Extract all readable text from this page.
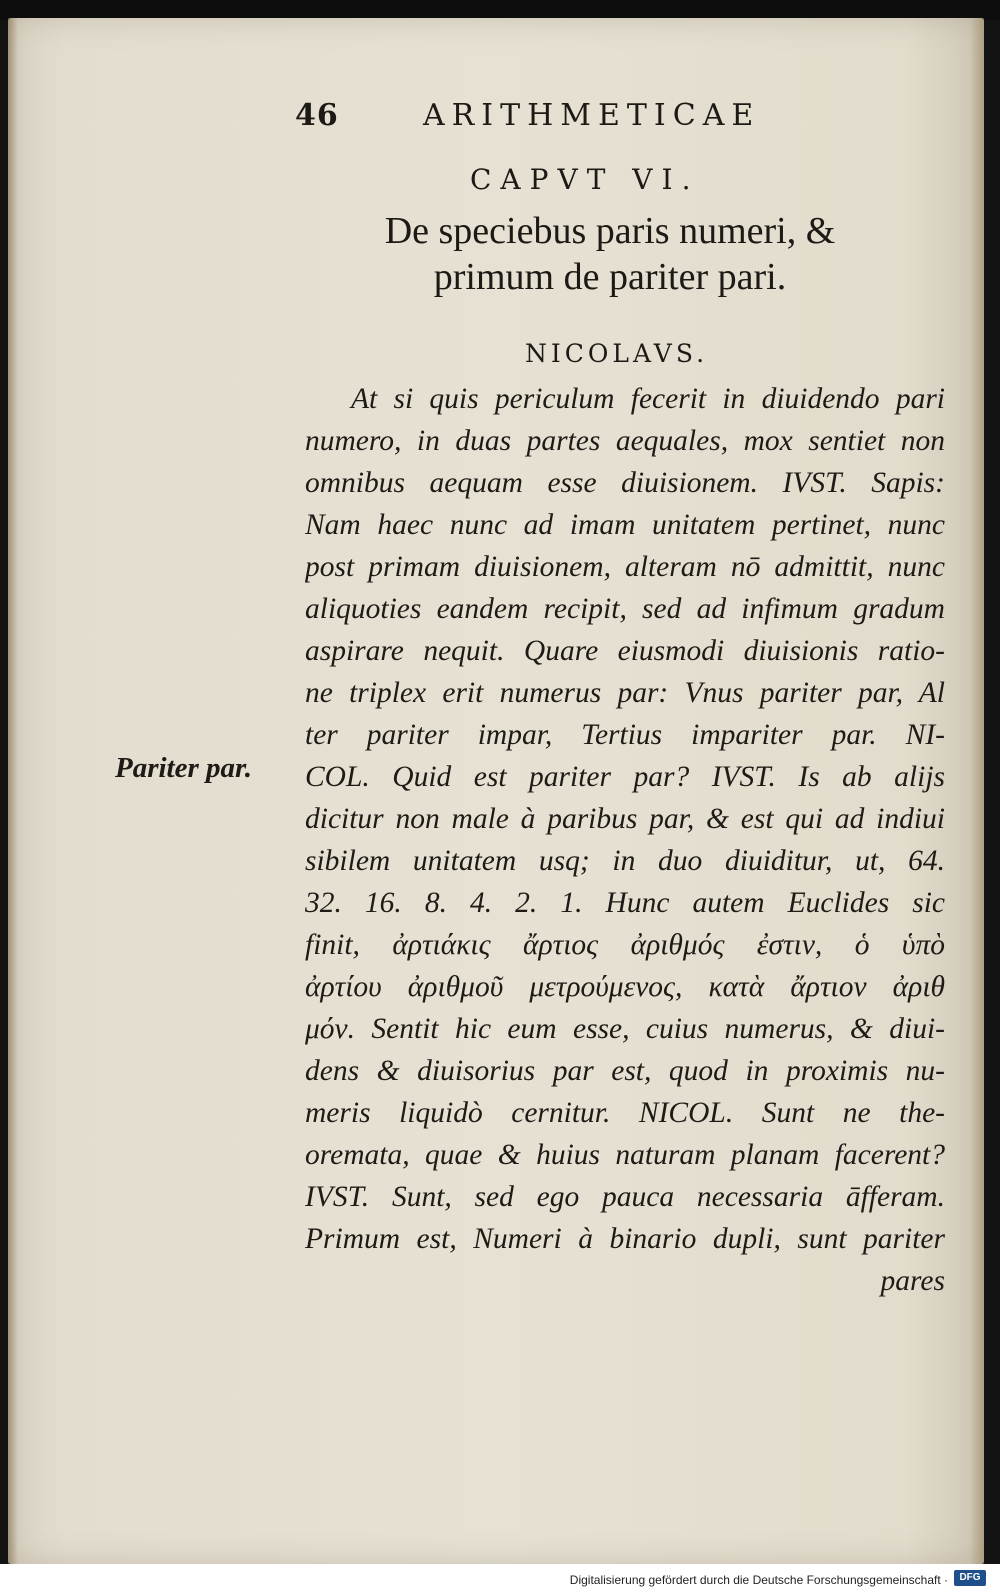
46	ARITHMETICAE
CAPVT VI.
De speciebus paris numeri, &
primum de pariter pari.
NICOLAVS.
Pariter par.
At si quis periculum fecerit in diuidendo pari
numero, in duas partes aequales, mox sentiet non
omnibus aequam esse diuisionem. IVST. Sapis:
Nam haec nunc ad imam unitatem pertinet, nunc
post primam diuisionem, alteram nō admittit, nunc
aliquoties eandem recipit, sed ad infimum gradum
aspirare nequit. Quare eiusmodi diuisionis ratio-
ne triplex erit numerus par: Vnus pariter par, Al
ter pariter impar, Tertius impariter par. NI-
COL. Quid est pariter par? IVST. Is ab alijs
dicitur non male à paribus par, & est qui ad indiui
sibilem unitatem usq; in duo diuiditur, ut, 64.
32. 16. 8. 4. 2. 1. Hunc autem Euclides sic
finit, ἀρτιάκις ἄρτιος ἀριθμός ἐστιν, ὁ ὑπὸ
ἀρτίου ἀριθμοῦ μετρούμενος, κατὰ ἄρτιον ἀριθ
μόν. Sentit hic eum esse, cuius numerus, & diui-
dens & diuisorius par est, quod in proximis nu-
meris liquidò cernitur. NICOL. Sunt ne the-
oremata, quae & huius naturam planam facerent?
IVST. Sunt, sed ego pauca necessaria āfferam.
Primum est, Numeri à binario dupli, sunt pariter
pares
Digitalisierung gefördert durch die Deutsche Forschungsgemeinschaft ·	DFG
